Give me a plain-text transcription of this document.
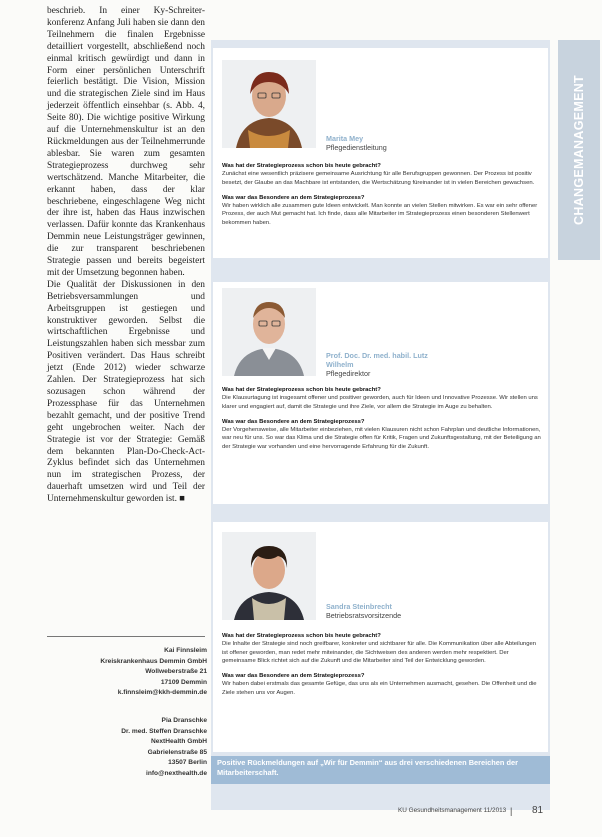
beschrieb. In einer Ky-Schreiter-konferenz Anfang Juli haben sie dann den Teilnehmern die finalen Ergebnisse detailliert vorgestellt, abschließend noch einmal kritisch gewürdigt und dann in Form einer persönlichen Unterschrift feierlich bestätigt. Die Vision, Mission und die strategischen Ziele sind im Haus jederzeit öffentlich einsehbar (s. Abb. 4, Seite 80). Die wichtige positive Wirkung auf die Unternehmenskultur ist an den Rückmeldungen aus der Teilnehmerrunde ablesbar. Sie waren zum gesamten Strategieprozess durchweg sehr wertschätzend. Manche Mitarbeiter, die erkannt haben, dass der klar beschriebene, eingeschlagene Weg nicht der ihre ist, haben das Haus inzwischen verlassen. Dafür konnte das Krankenhaus Demmin neue Leistungsträger gewinnen, die zur transparent beschriebenen Strategie passen und bereits begeistert mit der Umsetzung begonnen haben.

Die Qualität der Diskussionen in den Betriebsversammlungen und Arbeitsgruppen ist gestiegen und konstruktiver geworden. Selbst die wirtschaftlichen Ergebnisse und Leistungszahlen haben sich messbar zum Positiven verändert. Das Haus schreibt jetzt (Ende 2012) wieder schwarze Zahlen. Der Strategieprozess hat sich sozusagen schon während der Prozessphase für das Unternehmen bezahlt gemacht, und der positive Trend geht ungebrochen weiter. Nach der Strategie ist vor der Strategie: Gemäß dem bekannten Plan-Do-Check-Act-Zyklus befindet sich das Unternehmen nun im strategischen Prozess, der dauerhaft umsetzen wird und Teil der Unternehmenskultur geworden ist. ■

Kai Finnsleim
Kreiskrankenhaus Demmin GmbH
Wollweberstraße 21
17109 Demmin
k.finnsleim@kkh-demmin.de
Pia Dranschke
Dr. med. Steffen Dranschke
NextHealth GmbH
Gabrielenstraße 85
13507 Berlin
info@nexthealth.de
Marita Mey
Pflegedienstleitung

Was hat der Strategieprozess schon bis heute gebracht?

Zunächst eine wesentlich präzisere gemeinsame Ausrichtung für alle Berufsgruppen gewonnen. Der Prozess ist positiv besetzt, der Glaube an das Machbare ist entstanden, die Wertschätzung füreinander ist in vielen Bereichen gewachsen.

Was war das Besondere an dem Strategieprozess?

Wir haben wirklich alle zusammen gute Ideen entwickelt. Man konnte an vielen Stellen mitwirken. Es war ein sehr offener Prozess, der auch Mut gemacht hat. Ich finde, dass alle Mitarbeiter im Strategieprozess einen besonderen Stellenwert bekommen haben.

Prof. Doc. Dr. med. habil. Lutz Wilhelm
Pflegedirektor

Was hat der Strategieprozess schon bis heute gebracht?

Die Klausurtagung ist insgesamt offener und positiver geworden, auch für Ideen und Innovative Prozesse. Wir stellen uns klarer und engagiert auf, damit die Strategie und ihre Ziele, vor allem die Strategie im Auge zu behalten.

Was war das Besondere an dem Strategieprozess?

Der Vorgehensweise, alle Mitarbeiter einbeziehen, mit vielen Klausuren nicht schon Fahrplan und deutliche Informationen, war neu für uns. So war das Klima und die Strategie offen für Kritik, Fragen und Zukunftsgestaltung, mit der Beteiligung an der Strategie war vorhanden und eine hervorragende Erfahrung für die Zukunft.

Sandra Steinbrecht
Betriebsratsvorsitzende

Was hat der Strategieprozess schon bis heute gebracht?

Die Inhalte der Strategie sind noch greifbarer, konkreter und sichtbarer für alle. Die Kommunikation über alle Abteilungen ist offener geworden, man redet mehr miteinander, die Sichtweisen des anderen werden mehr respektiert. Der gemeinsame Blick richtet sich auf die Zukunft und die Mitarbeiter sind Teil der Entwicklung geworden.

Was war das Besondere an dem Strategieprozess?

Wir haben dabei erstmals das gesamte Gefüge, das uns als ein Unternehmen ausmacht, gesehen. Die Offenheit und die Ziele stehen uns vor Augen.

Positive Rückmeldungen auf „Wir für Demmin“ aus drei verschiedenen Bereichen der Mitarbeiterschaft.
CHANGEMANAGEMENT
KU Gesundheitsmanagement 11/2013 | 81
